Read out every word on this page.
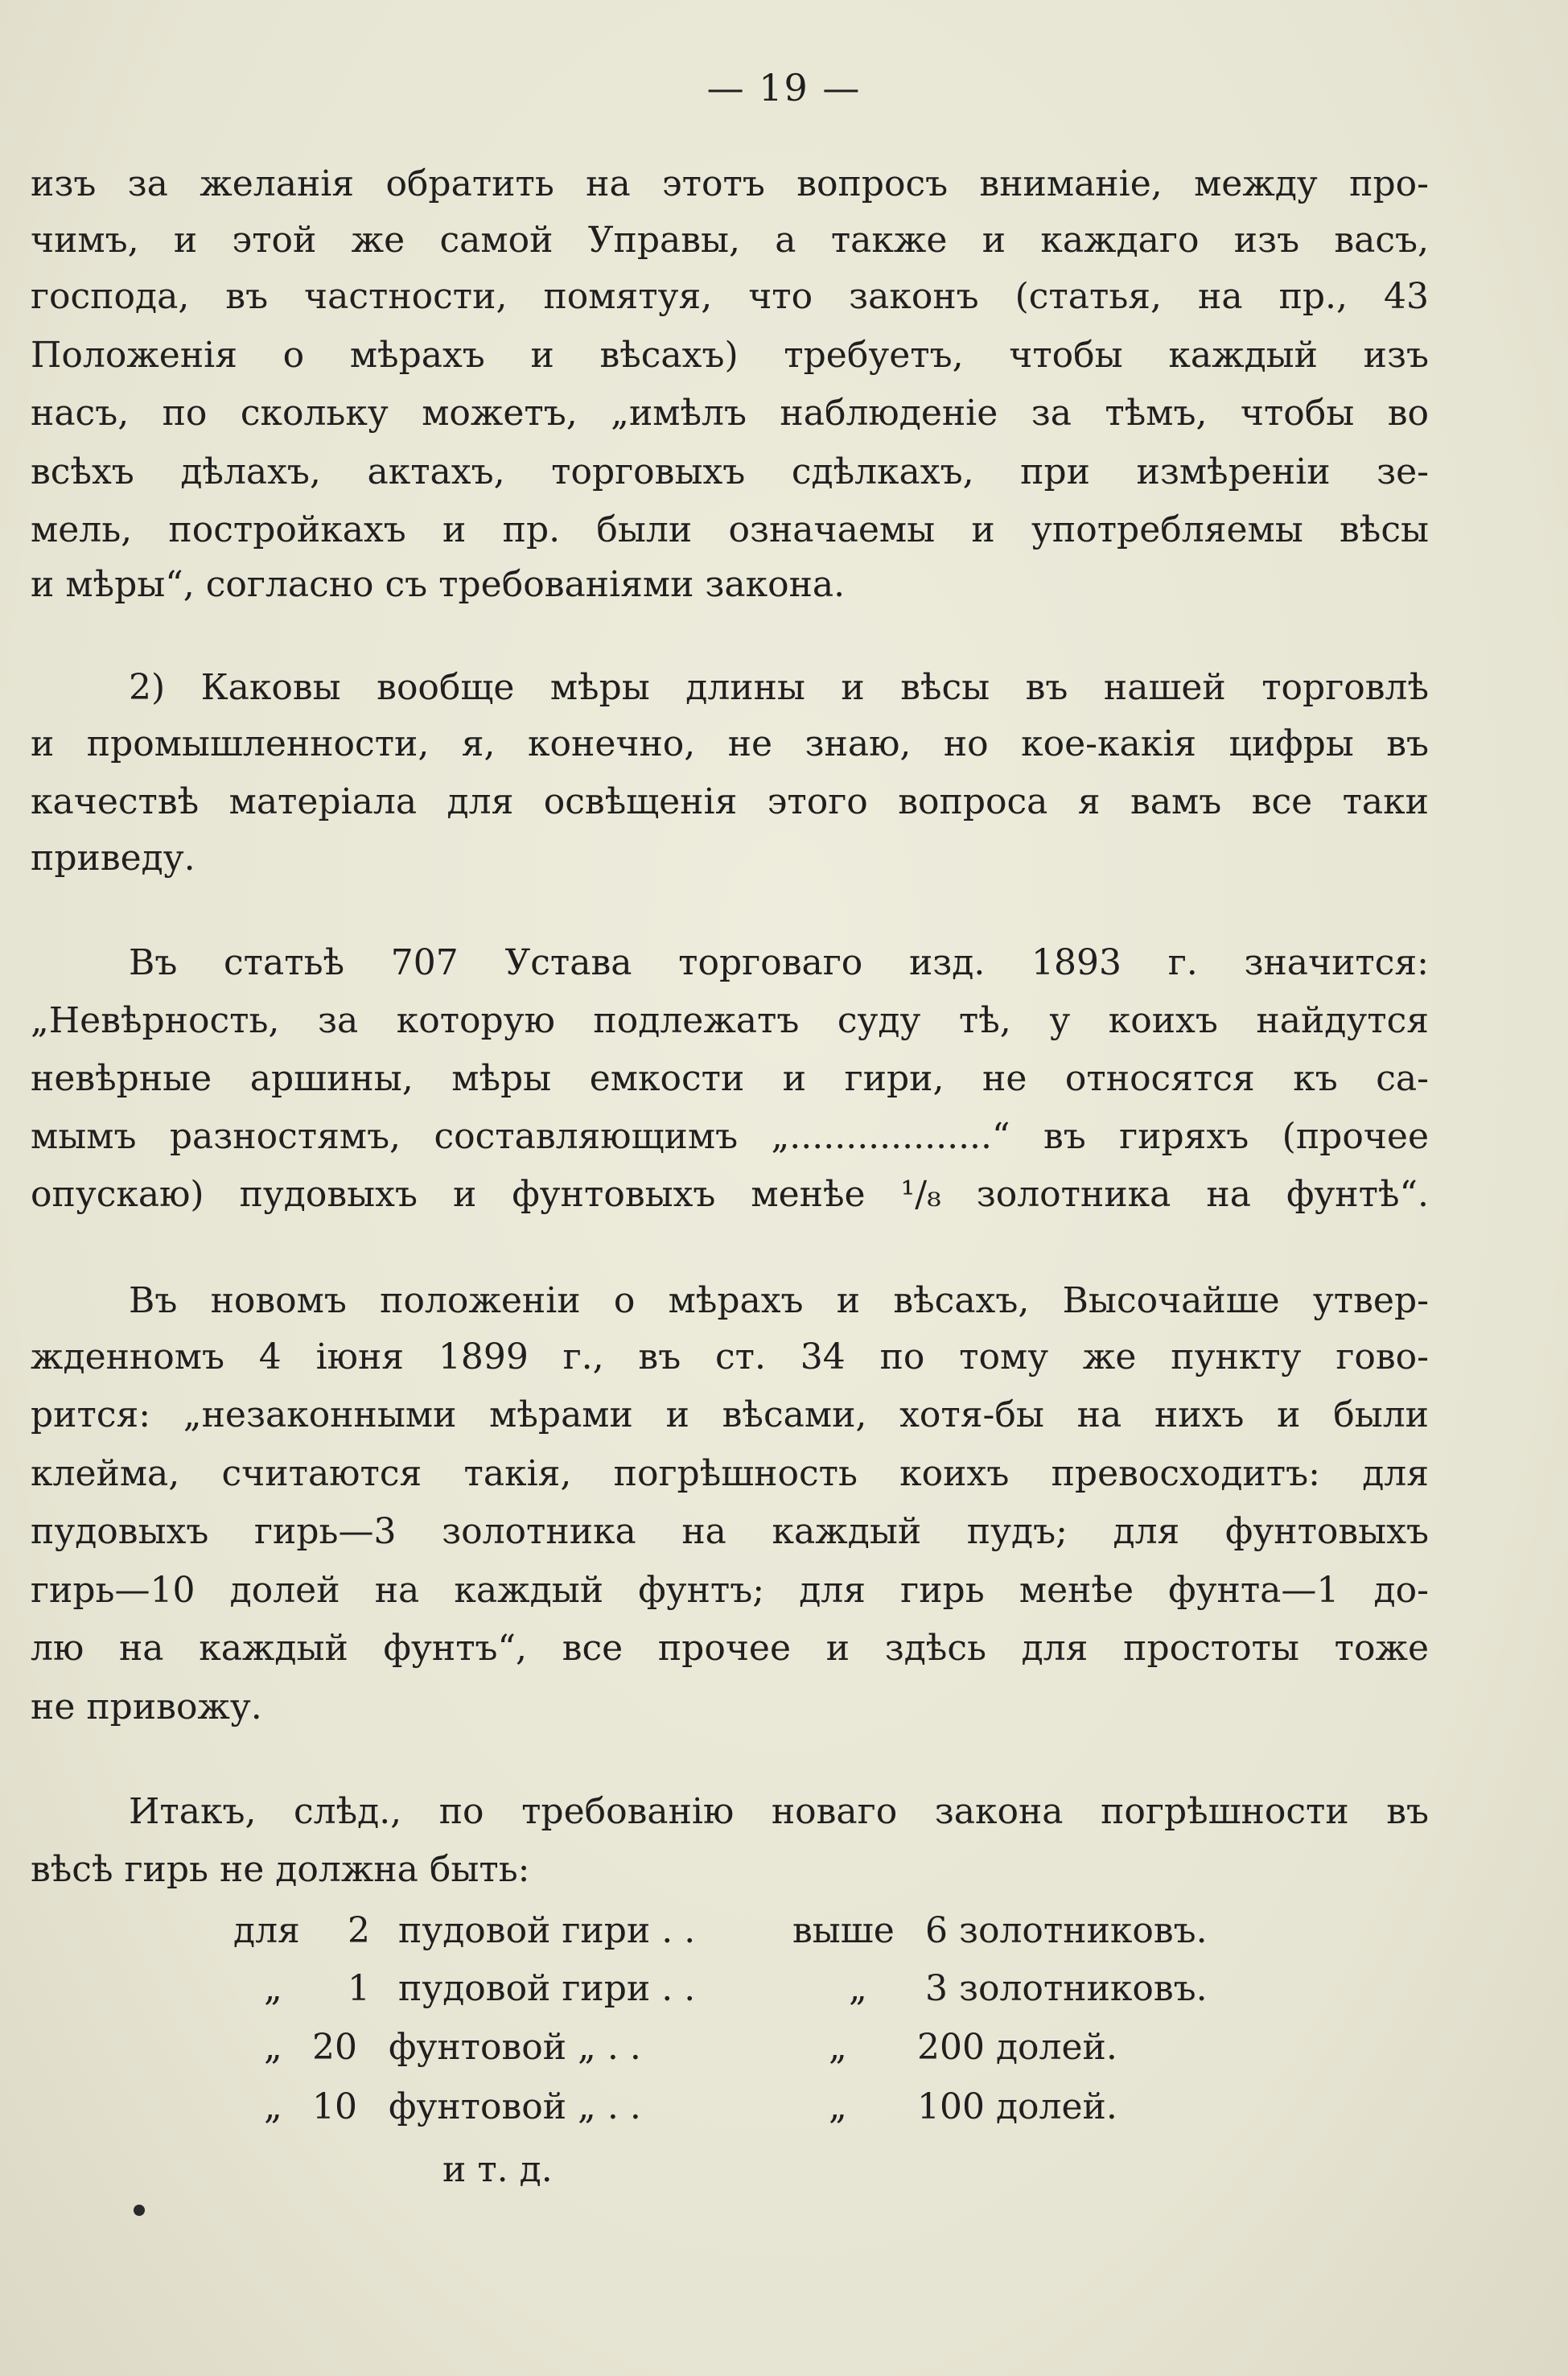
— 19 —
изъ за желанія обратить на этотъ вопросъ вниманіе, между про-
чимъ, и этой же самой Управы, а также и каждаго изъ васъ,
господа, въ частности, помятуя, что законъ (статья, на пр., 43
Положенія о мѣрахъ и вѣсахъ) требуетъ, чтобы каждый изъ
насъ, по скольку можетъ, „имѣлъ наблюденіе за тѣмъ, чтобы во
всѣхъ дѣлахъ, актахъ, торговыхъ сдѣлкахъ, при измѣреніи зе-
мель, постройкахъ и пр. были означаемы и употребляемы вѣсы
и мѣры“, согласно съ требованіями закона.
2) Каковы вообще мѣры длины и вѣсы въ нашей торговлѣ
и промышленности, я, конечно, не знаю, но кое-какія цифры въ
качествѣ матеріала для освѣщенія этого вопроса я вамъ все таки
приведу.
Въ статьѣ 707 Устава торговаго изд. 1893 г. значится:
„Невѣрность, за которую подлежатъ суду тѣ, у коихъ найдутся
невѣрные аршины, мѣры емкости и гири, не относятся къ са-
мымъ разностямъ, составляющимъ „..................“ въ гиряхъ (прочее
опускаю) пудовыхъ и фунтовыхъ менѣе ¹/₈ золотника на фунтѣ“.
Въ новомъ положеніи о мѣрахъ и вѣсахъ, Высочайше утвер-
жденномъ 4 іюня 1899 г., въ ст. 34 по тому же пункту гово-
рится: „незаконными мѣрами и вѣсами, хотя-бы на нихъ и были
клейма, считаются такія, погрѣшность коихъ превосходитъ: для
пудовыхъ гирь—3 золотника на каждый пудъ; для фунтовыхъ
гирь—10 долей на каждый фунтъ; для гирь менѣе фунта—1 до-
лю на каждый фунтъ“, все прочее и здѣсь для простоты тоже
не привожу.
Итакъ, слѣд., по требованію новаго закона погрѣшности въ
вѣсѣ гирь не должна быть:
для 2 пудовой гири . .	выше 6 золотниковъ.
„ 1 пудовой гири . .	„ 3 золотниковъ.
„ 20 фунтовой „ . .	„ 200 долей.
„ 10 фунтовой „ . .	„ 100 долей.
и т. д.
